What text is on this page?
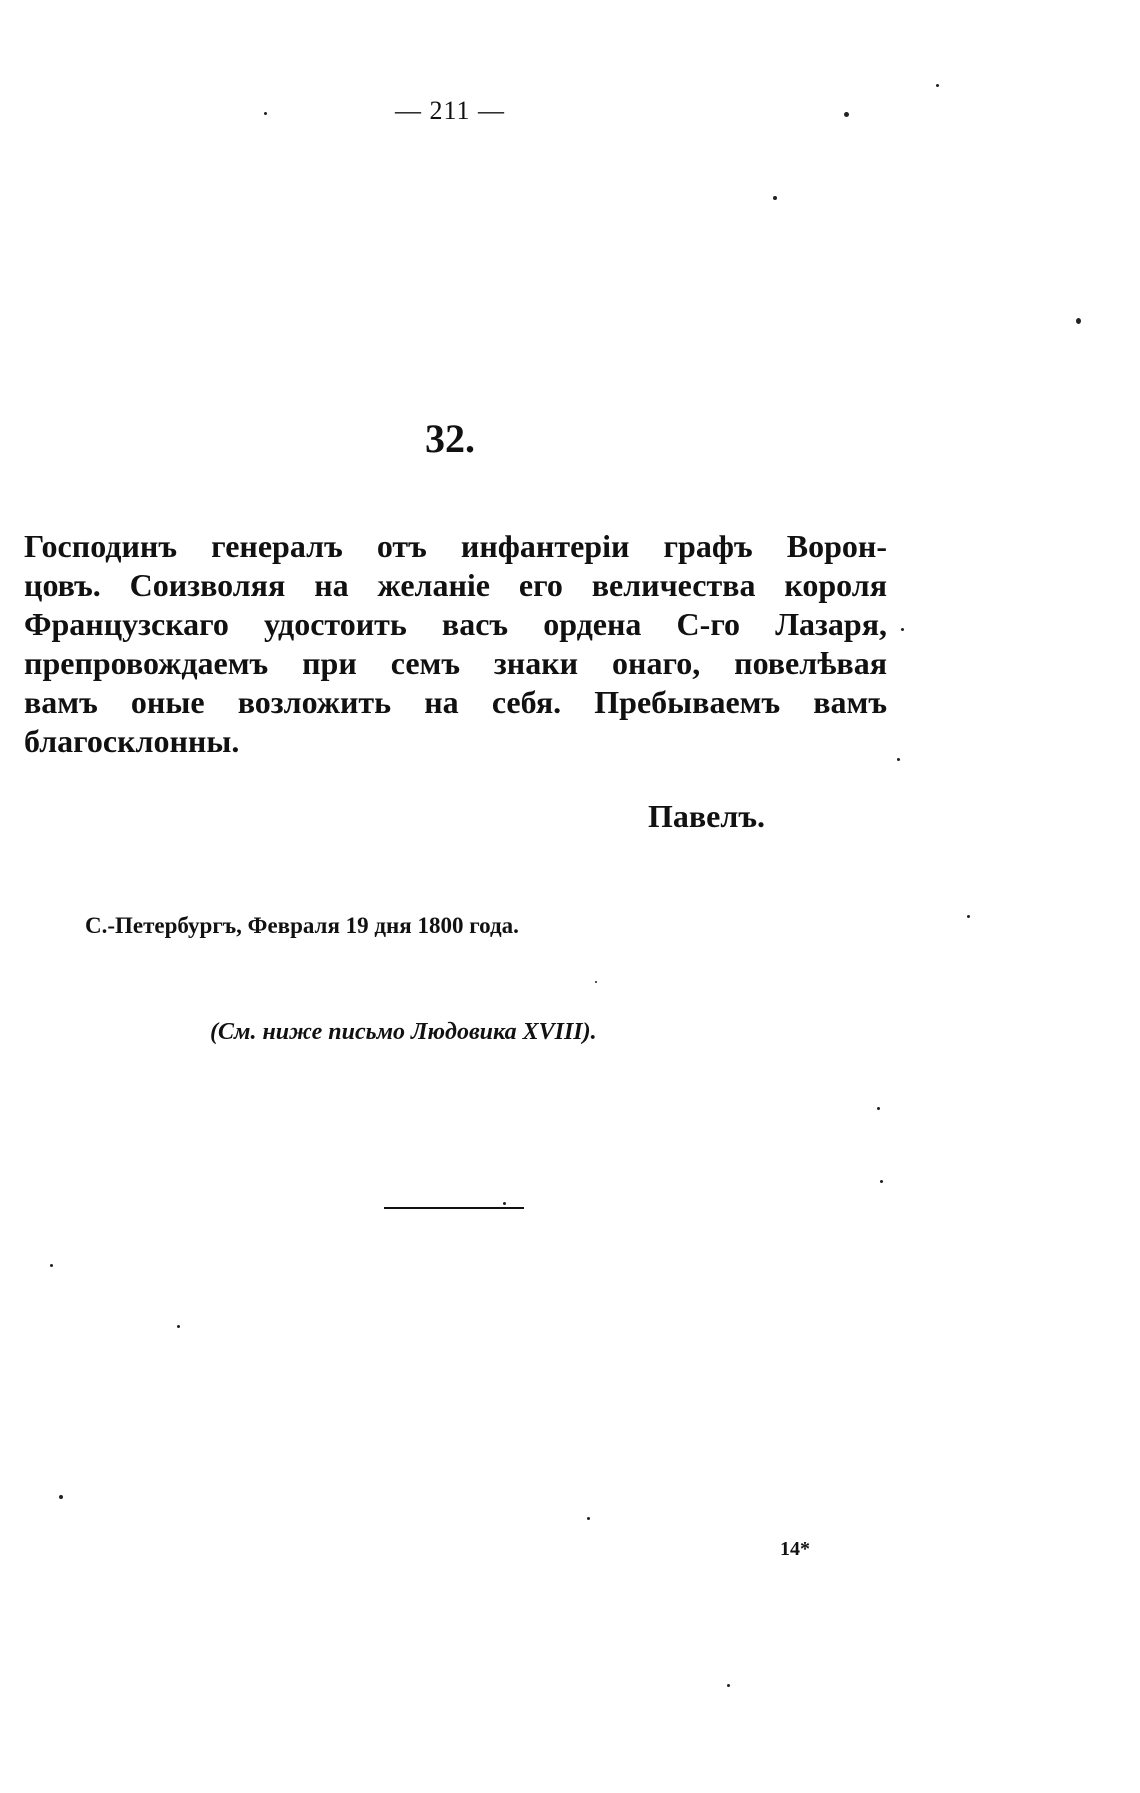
— 211 —
32.
Господинъ генералъ отъ инфантеріи графъ Ворон-
цовъ. Соизволяя на желаніе его величества короля
Французскаго удостоить васъ ордена С-го Лазаря,
препровождаемъ при семъ знаки онаго, повелѣвая
вамъ оные возложить на себя. Пребываемъ вамъ
благосклонны.
Павелъ.
С.-Петербургъ, Февраля 19 дня 1800 года.
(См. ниже письмо Людовика XVIII).
14*
